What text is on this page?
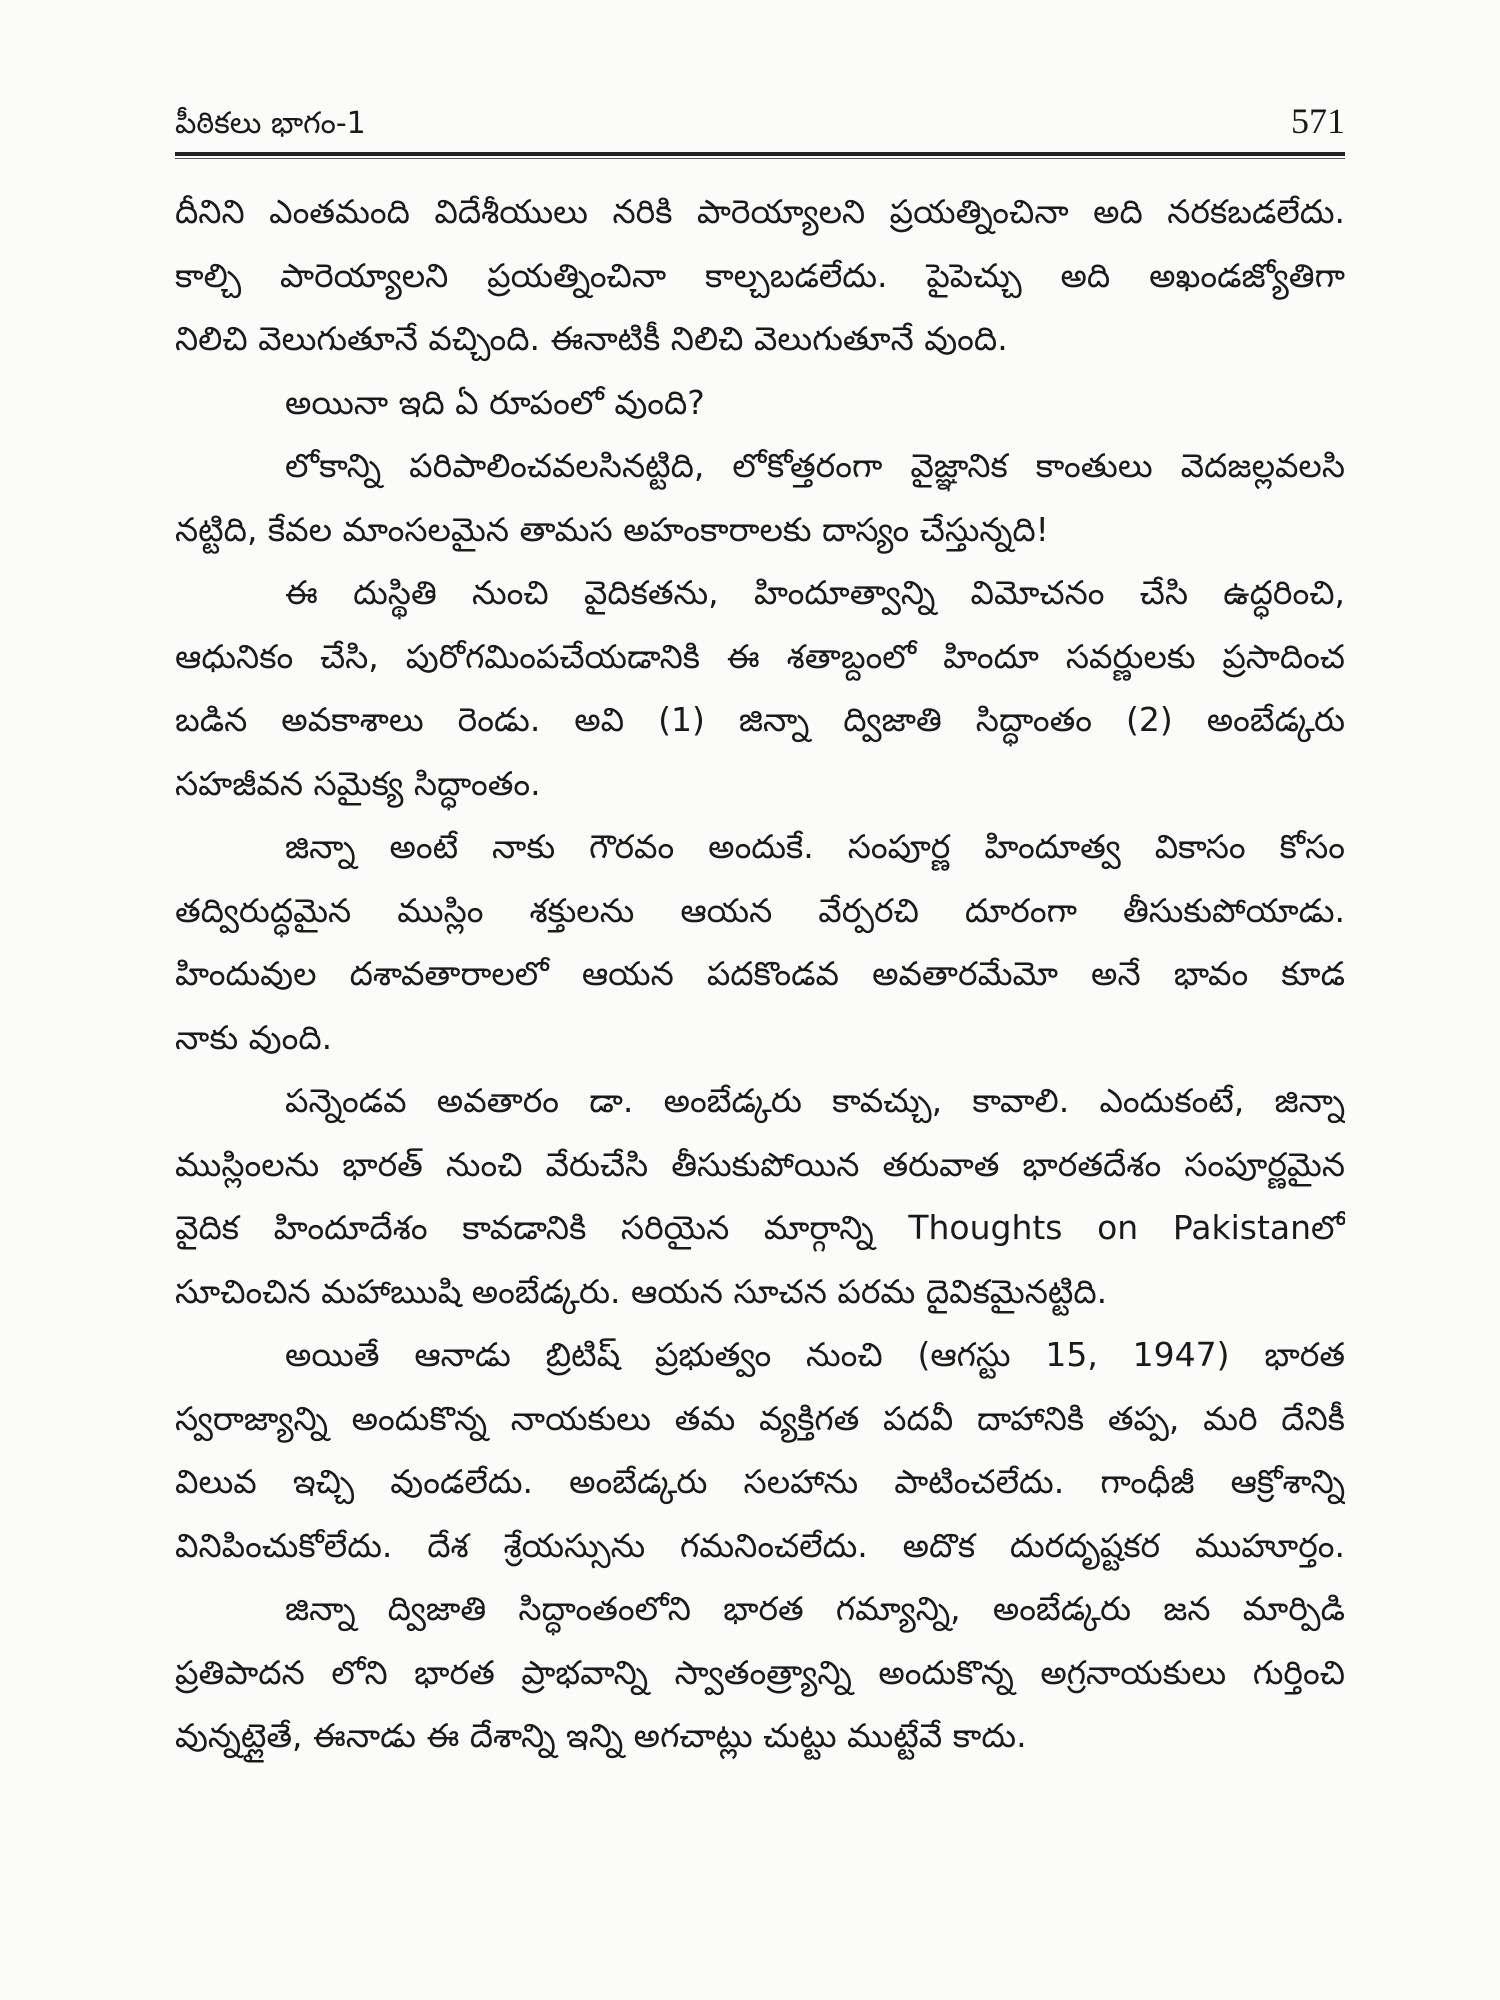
పీఠికలు భాగం-1	571
దీనిని ఎంతమంది విదేశీయులు నరికి పారెయ్యాలని ప్రయత్నించినా అది నరకబడలేదు.
కాల్చి పారెయ్యాలని ప్రయత్నించినా కాల్చబడలేదు. పైపెచ్చు అది అఖండజ్యోతిగా
నిలిచి వెలుగుతూనే వచ్చింది. ఈనాటికీ నిలిచి వెలుగుతూనే వుంది.
అయినా ఇది ఏ రూపంలో వుంది?
లోకాన్ని పరిపాలించవలసినట్టిది, లోకోత్తరంగా వైజ్ఞానిక కాంతులు వెదజల్లవలసి
నట్టిది, కేవల మాంసలమైన తామస అహంకారాలకు దాస్యం చేస్తున్నది!
ఈ దుస్థితి నుంచి వైదికతను, హిందూత్వాన్ని విమోచనం చేసి ఉద్ధరించి,
ఆధునికం చేసి, పురోగమింపచేయడానికి ఈ శతాబ్దంలో హిందూ సవర్ణులకు ప్రసాదించ
బడిన అవకాశాలు రెండు. అవి (1) జిన్నా ద్విజాతి సిద్ధాంతం (2) అంబేడ్కరు
సహజీవన సమైక్య సిద్ధాంతం.
జిన్నా అంటే నాకు గౌరవం అందుకే. సంపూర్ణ హిందూత్వ వికాసం కోసం
తద్విరుద్ధమైన ముస్లిం శక్తులను ఆయన వేర్పరచి దూరంగా తీసుకుపోయాడు.
హిందువుల దశావతారాలలో ఆయన పదకొండవ అవతారమేమో అనే భావం కూడ
నాకు వుంది.
పన్నెండవ అవతారం డా. అంబేడ్కరు కావచ్చు, కావాలి. ఎందుకంటే, జిన్నా
ముస్లింలను భారత్ నుంచి వేరుచేసి తీసుకుపోయిన తరువాత భారతదేశం సంపూర్ణమైన
వైదిక హిందూదేశం కావడానికి సరియైన మార్గాన్ని Thoughts on Pakistanలో
సూచించిన మహాఋషి అంబేడ్కరు. ఆయన సూచన పరమ దైవికమైనట్టిది.
అయితే ఆనాడు బ్రిటిష్ ప్రభుత్వం నుంచి (ఆగస్టు 15, 1947) భారత
స్వరాజ్యాన్ని అందుకొన్న నాయకులు తమ వ్యక్తిగత పదవీ దాహానికి తప్ప, మరి దేనికీ
విలువ ఇచ్చి వుండలేదు. అంబేడ్కరు సలహాను పాటించలేదు. గాంధీజీ ఆక్రోశాన్ని
వినిపించుకోలేదు. దేశ శ్రేయస్సును గమనించలేదు. అదొక దురదృష్టకర ముహూర్తం.
జిన్నా ద్విజాతి సిద్ధాంతంలోని భారత గమ్యాన్ని, అంబేడ్కరు జన మార్పిడి
ప్రతిపాదన లోని భారత ప్రాభవాన్ని స్వాతంత్ర్యాన్ని అందుకొన్న అగ్రనాయకులు గుర్తించి
వున్నట్లైతే, ఈనాడు ఈ దేశాన్ని ఇన్ని అగచాట్లు చుట్టు ముట్టేవే కాదు.
